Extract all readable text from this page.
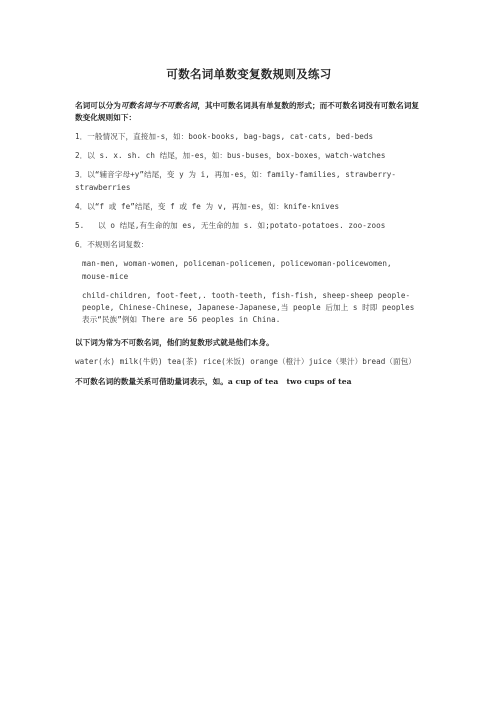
可数名词单数变复数规则及练习
名词可以分为可数名词与不可数名词，其中可数名词具有单复数的形式；而不可数名词没有可数名词复数变化规则如下：
1．一般情况下，直接加-s，如：book-books, bag-bags, cat-cats, bed-beds
2．以 s. x. sh. ch 结尾，加-es，如：bus-buses，box-boxes，watch-watches
3．以“辅音字母+y”结尾，变 y 为 i, 再加-es，如：family-families, strawberry-strawberries
4．以“f 或 fe”结尾，变 f 或 fe 为 v, 再加-es，如：knife-knives
5.   以 o 结尾,有生命的加 es, 无生命的加 s. 如;potato-potatoes. zoo-zoos
6．不规则名词复数：
man-men, woman-women, policeman-policemen, policewoman-policewomen, mouse-mice
child-children, foot-feet,. tooth-teeth, fish-fish, sheep-sheep people-people, Chinese-Chinese, Japanese-Japanese,当 people 后加上 s 时即 peoples 表示“民族”例如 There are 56 peoples in China.
以下词为常为不可数名词，他们的复数形式就是他们本身。
water(水) milk(牛奶) tea(茶) rice(米饭) orange（橙汁）juice（果汁）bread（面包）
不可数名词的数量关系可借助量词表示，如。a cup of tea   two cups of tea
